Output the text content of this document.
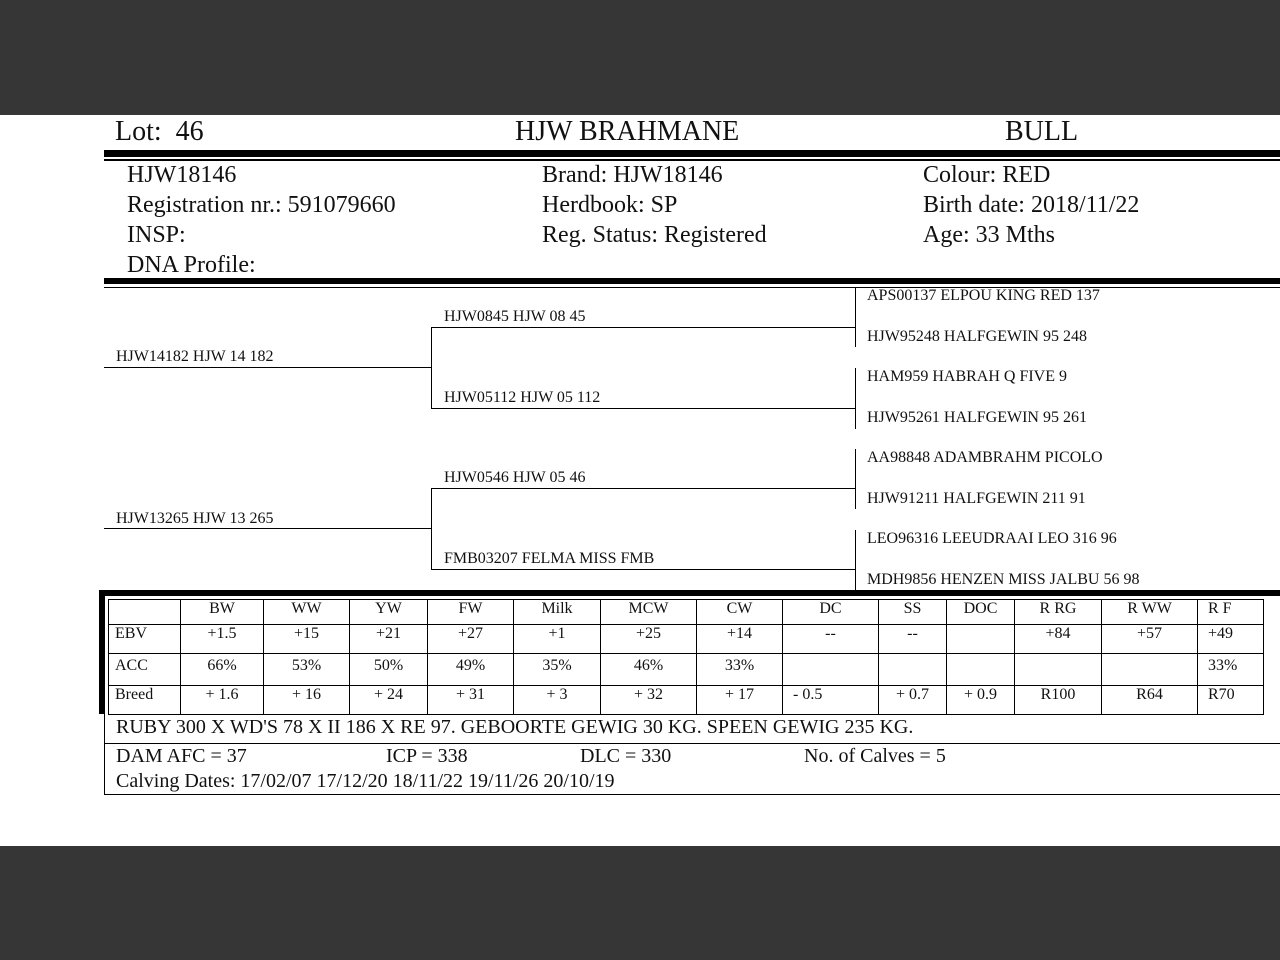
Lot: 46	HJW BRAHMANE	BULL
HJW18146
Registration nr.: 591079660
INSP:
DNA Profile:
Brand: HJW18146
Herdbook: SP
Reg. Status: Registered
Colour: RED
Birth date: 2018/11/22
Age: 33 Mths
HJW14182 HJW 14 182
HJW13265 HJW 13 265
HJW0845 HJW 08 45
HJW05112 HJW 05 112
HJW0546 HJW 05 46
FMB03207 FELMA MISS FMB
APS00137 ELPOU KING RED 137
HJW95248 HALFGEWIN 95 248
HAM959 HABRAH Q FIVE 9
HJW95261 HALFGEWIN 95 261
AA98848 ADAMBRAHM PICOLO
HJW91211 HALFGEWIN 211 91
LEO96316 LEEUDRAAI LEO 316 96
MDH9856 HENZEN MISS JALBU 56 98
	BW	WW	YW	FW	Milk	MCW	CW	DC	SS	DOC	R RG	R WW	R F
EBV	+1.5	+15	+21	+27	+1	+25	+14	--	--		+84	+57	+49
ACC	66%	53%	50%	49%	35%	46%	33%						33%
Breed	+ 1.6	+ 16	+ 24	+ 31	+ 3	+ 32	+ 17	- 0.5	+ 0.7	+ 0.9	R100	R64	R70
RUBY 300 X WD'S 78 X II 186 X RE 97. GEBOORTE GEWIG 30 KG. SPEEN GEWIG 235 KG.
DAM AFC = 37	ICP = 338	DLC = 330	No. of Calves = 5
Calving Dates: 17/02/07 17/12/20 18/11/22 19/11/26 20/10/19
